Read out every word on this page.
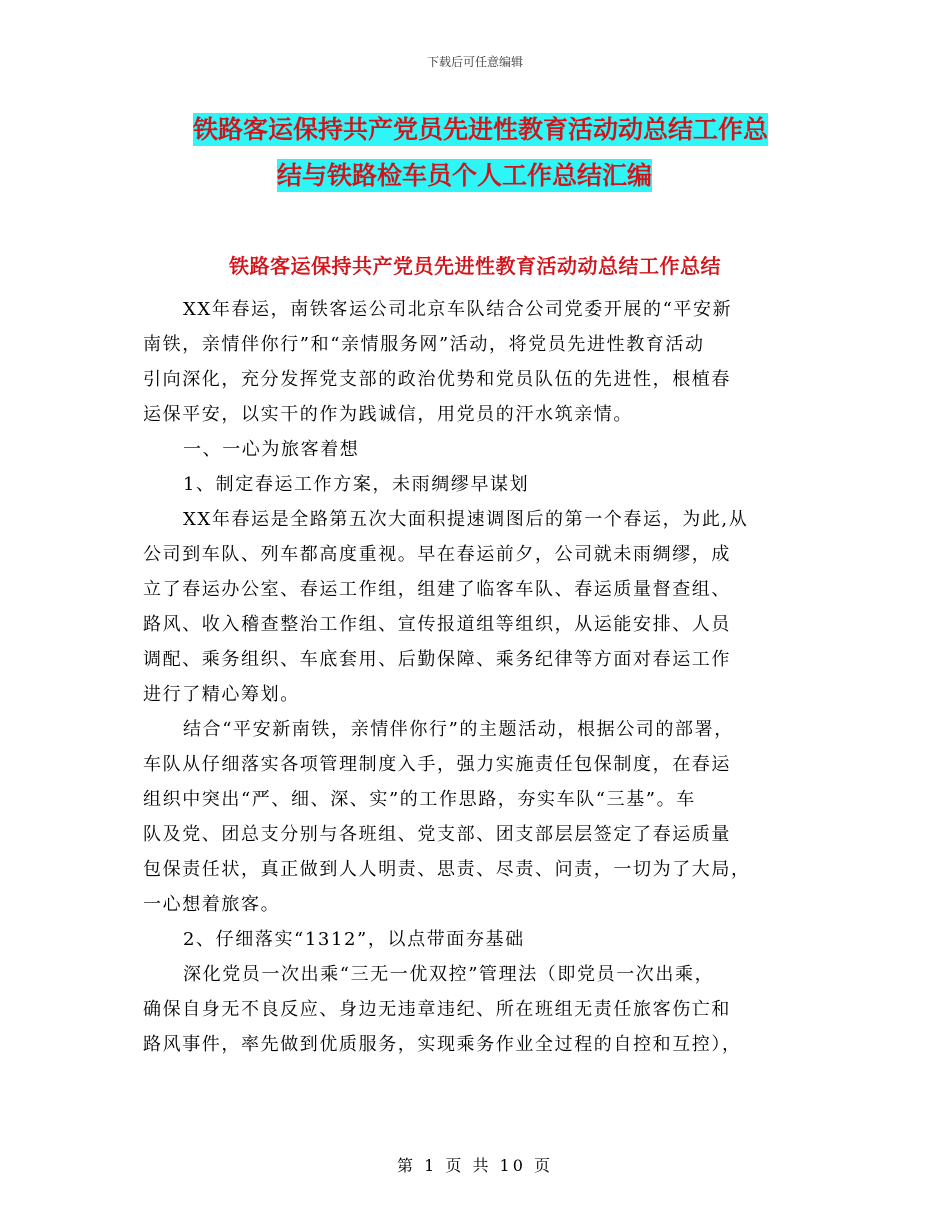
下载后可任意编辑
铁路客运保持共产党员先进性教育活动动总结工作总
结与铁路检车员个人工作总结汇编
铁路客运保持共产党员先进性教育活动动总结工作总结
XX年春运，南铁客运公司北京车队结合公司党委开展的“平安新
南铁，亲情伴你行”和“亲情服务网”活动，将党员先进性教育活动
引向深化，充分发挥党支部的政治优势和党员队伍的先进性，根植春
运保平安，以实干的作为践诚信，用党员的汗水筑亲情。
一、一心为旅客着想
1、制定春运工作方案，未雨绸缪早谋划
XX年春运是全路第五次大面积提速调图后的第一个春运，为此,从
公司到车队、列车都高度重视。早在春运前夕，公司就未雨绸缪，成
立了春运办公室、春运工作组，组建了临客车队、春运质量督查组、
路风、收入稽查整治工作组、宣传报道组等组织，从运能安排、人员
调配、乘务组织、车底套用、后勤保障、乘务纪律等方面对春运工作
进行了精心筹划。
结合“平安新南铁，亲情伴你行”的主题活动，根据公司的部署，
车队从仔细落实各项管理制度入手，强力实施责任包保制度，在春运
组织中突出“严、细、深、实”的工作思路，夯实车队“三基”。车
队及党、团总支分别与各班组、党支部、团支部层层签定了春运质量
包保责任状，真正做到人人明责、思责、尽责、问责，一切为了大局，
一心想着旅客。
2、仔细落实“1312”，以点带面夯基础
深化党员一次出乘“三无一优双控”管理法（即党员一次出乘，
确保自身无不良反应、身边无违章违纪、所在班组无责任旅客伤亡和
路风事件，率先做到优质服务，实现乘务作业全过程的自控和互控），
第 1 页 共 10 页
